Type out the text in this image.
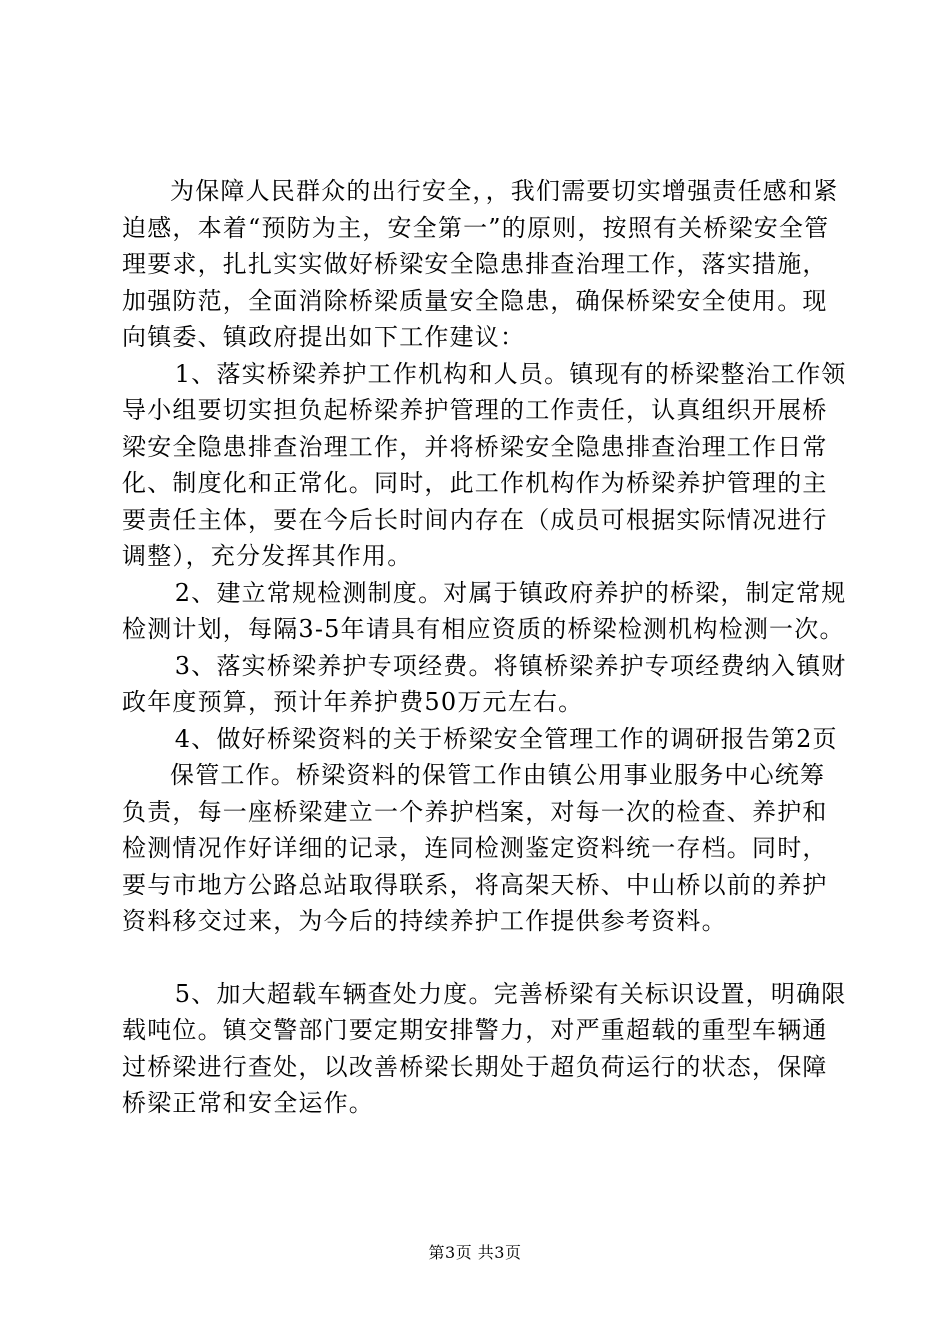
为保障人民群众的出行安全，，我们需要切实增强责任感和紧迫感，本着“预防为主，安全第一”的原则，按照有关桥梁安全管理要求，扎扎实实做好桥梁安全隐患排查治理工作，落实措施，加强防范，全面消除桥梁质量安全隐患，确保桥梁安全使用。现向镇委、镇政府提出如下工作建议：

1、落实桥梁养护工作机构和人员。镇现有的桥梁整治工作领导小组要切实担负起桥梁养护管理的工作责任，认真组织开展桥梁安全隐患排查治理工作，并将桥梁安全隐患排查治理工作日常化、制度化和正常化。同时，此工作机构作为桥梁养护管理的主要责任主体，要在今后长时间内存在（成员可根据实际情况进行调整），充分发挥其作用。

2、建立常规检测制度。对属于镇政府养护的桥梁，制定常规检测计划，每隔3-5年请具有相应资质的桥梁检测机构检测一次。

3、落实桥梁养护专项经费。将镇桥梁养护专项经费纳入镇财政年度预算，预计年养护费50万元左右。

4、做好桥梁资料的关于桥梁安全管理工作的调研报告第2页

保管工作。桥梁资料的保管工作由镇公用事业服务中心统筹负责，每一座桥梁建立一个养护档案，对每一次的检查、养护和检测情况作好详细的记录，连同检测鉴定资料统一存档。同时，要与市地方公路总站取得联系，将高架天桥、中山桥以前的养护资料移交过来，为今后的持续养护工作提供参考资料。

5、加大超载车辆查处力度。完善桥梁有关标识设置，明确限载吨位。镇交警部门要定期安排警力，对严重超载的重型车辆通过桥梁进行查处，以改善桥梁长期处于超负荷运行的状态，保障桥梁正常和安全运作。

第3页 共3页
